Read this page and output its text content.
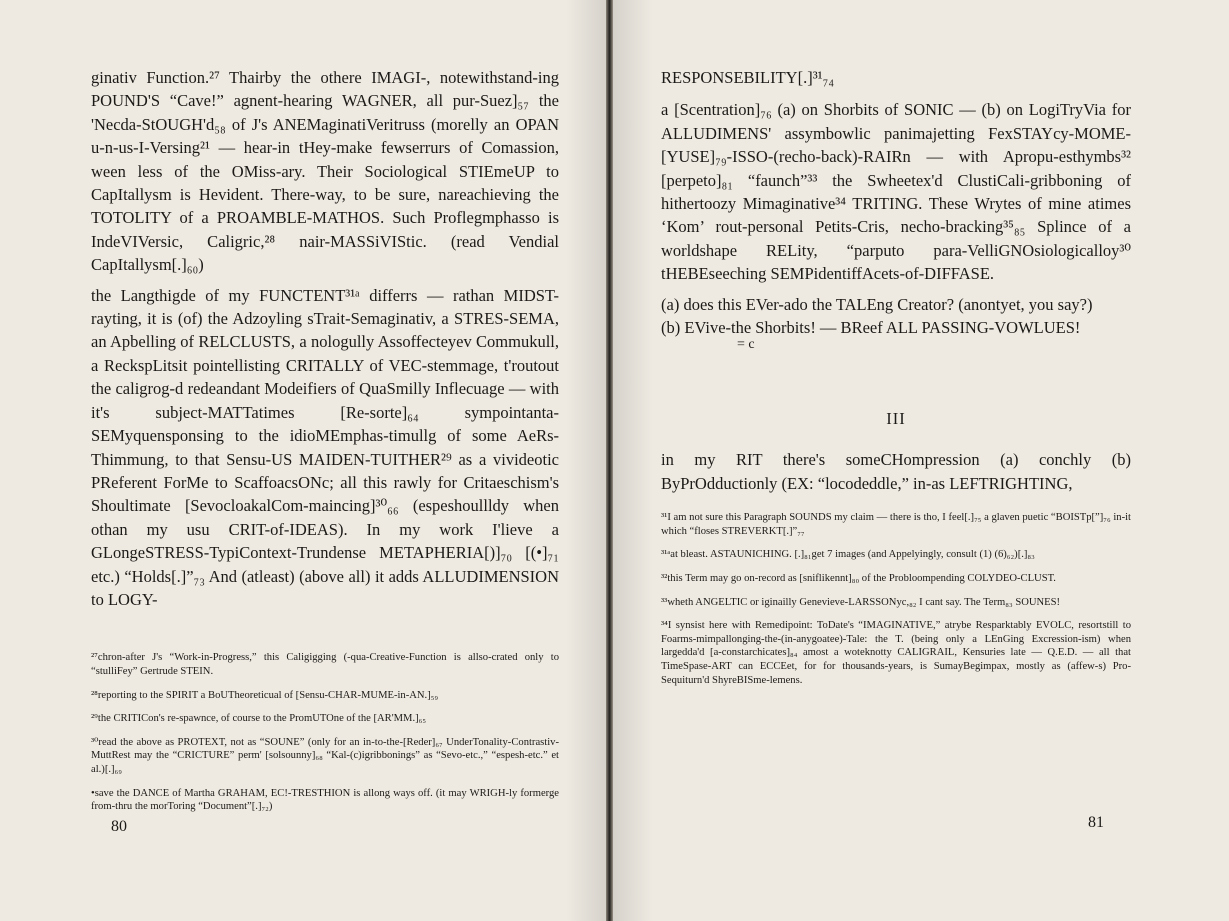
ginativ Function.²⁷ Thairby the othere IMAGI-, notewithstand-ing POUND'S “Cave!” agnent-hearing WAGNER, all pur-Suez]₅₇ the 'Necda-StOUGH'd₅₈ of J's ANEMaginatiVeritruss (morelly an OPAN u-n-us-I-Versing²¹ — hear-in tHey-make fewserrurs of Comassion, ween less of the OMiss-ary. Their Sociological STIEmeUP to CapItallysm is Hevident. There-way, to be sure, nareachieving the TOTOLITY of a PROAMBLE-MATHOS. Such Proflegmphasso is IndeVIVersic, Caligric,²⁸ nair-MASSiVIStic. (read Vendial CapItallysm[.]₆₀)

the Langthigde of my FUNCTENT³¹ᵃ differrs — rathan MIDST-rayting, it is (of) the Adzoyling sTrait-Semaginativ, a STRES-SEMA, an Apbelling of RELCLUSTS, a nologully Assoffecteyev Commukull, a ReckspLitsit pointellisting CRITALLY of VEC-stemmage, t'routout the caligrog-d redeandant Modeifiers of QuaSmilly Inflecuage — with it's subject-MATTatimes [Re-sorte]₆₄ sympointanta-SEMyquensponsing to the idioMEmphas-timullg of some AeRs-Thimmung, to that Sensu-US MAIDEN-TUITHER²⁹ as a vivideotic PReferent ForMe to ScaffoacsONc; all this rawly for Critaeschism's Shoultimate [SevocloakalCom-maincing]³⁰₆₆ (espeshoullldy when othan my usu CRIT-of-IDEAS). In my work I'lieve a GLongeSTRESS-TypiContext-Trundense METAPHERIA[)]₇₀ [(•]₇₁ etc.) “Holds[.]”₇₃ And (atleast) (above all) it adds ALLUDIMENSION to LOGY-

²⁷chron-after J's “Work-in-Progress,” this Caligigging (-qua-Creative-Function is allso-crated only to “stulliFey” Gertrude STEIN.

²⁸reporting to the SPIRIT a BoUTheoreticual of [Sensu-CHAR-MUME-in-AN.]₅₉

²⁹the CRITICon's re-spawnce, of course to the PromUTOne of the [AR'MM.]₆₅

³⁰read the above as PROTEXT, not as “SOUNE” (only for an in-to-the-[Reder]₆₇ UnderTonality-Contrastiv-MuttRest may the “CRICTURE” perm' [solsounny]₆₈ “Kal-(c)igribbonings” as “Sevo-etc.,” “espesh-etc.” et al.)[.]₆₉

•save the DANCE of Martha GRAHAM, EC!-TRESTHION is allong ways off. (it may WRIGH-ly formerge from-thru the morToring “Document”[.]₇₂)

80
RESPONSEBILITY[.]³¹₇₄

a [Scentration]₇₆ (a) on Shorbits of SONIC — (b) on LogiTryVia for ALLUDIMENS' assymbowlic panimajetting FexSTAYcy-MOME-[YUSE]₇₉-ISSO-(recho-back)-RAIRn — with Apropu-esthymbs³² [perpeto]₈₁ “faunch”³³ the Swheetex'd ClustiCali-gribboning of hithertoozy Mimaginative³⁴ TRITING. These Wrytes of mine atimes ‘Kom’ rout-personal Petits-Cris, necho-bracking³⁵₈₅ Splince of a worldshape RELity, “parputo para-VelliGNOsiologicalloy³⁰ tHEBEseeching SEMPidentiffAcets-of-DIFFASE.

(a) does this EVer-ado the TALEng Creator? (anontyet, you say?)

(b) EVive-the Shorbits! — BReef ALL PASSING-VOWLUES!

= c

III

in my RIT there's someCHompression (a) conchly (b) ByPrOdductionly (EX: “locodeddle,” in-as LEFTRIGHTING,

³¹I am not sure this Paragraph SOUNDS my claim — there is tho, I feel[.]₇₅ a glaven puetic “BOISTp[”]₇₆ in-it which “floses STREVERKT[.]”₇₇

³¹ᵃat bleast. ASTAUNICHING. [.]₈₁get 7 images (and Appelyingly, consult (1) (6)₆₂)[.]₈₃

³²this Term may go on-record as [sniflikennt]₈₀ of the Probloompending COLYDEO-CLUST.

³³wheth ANGELTIC or iginailly Genevieve-LARSSONyc,₈₂ I cant say. The Term₈₃ SOUNES!

³⁴I synsist here with Remedipoint: ToDate's “IMAGINATIVE,” atrybe Resparktably EVOLC, resortstill to Foarms-mimpallonging-the-(in-anygoatee)-Tale: the T. (being only a LEnGing Excression-ism) when largedda'd [a-constarchicates]₈₄ amost a woteknotty CALIGRAIL, Kensuries late — Q.E.D. — all that TimeSpase-ART can ECCEet, for for thousands-years, is SumayBegimpax, mostly as (affew-s) Pro-Sequiturn'd ShyreBISme-lemens.

81
